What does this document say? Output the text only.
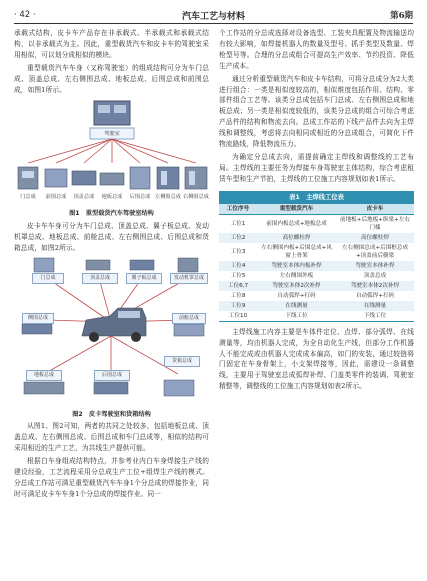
· 42 ·	汽车工艺与材料	第6期

承载式结构，皮卡车产品存在非承载式、半承载式和承载式结构，以非承载式为主。因此，重型载货汽车和皮卡车的驾驶室采用相似，可以划分成相似的模块。

重型载货汽车车身（又称驾驶室）的组成结构可分为车门总成、顶盖总成、左右侧围总成、地板总成、后围总成和前围总成，如图1所示。

驾驶室
门总成	前围总成	顶盖总成	地板总成	后围总成 左侧围总成 右侧围总成
图1　重型载货汽车驾驶室结构

皮卡车车身可分为车门总成、顶盖总成、翼子板总成、发动机罩总成、地板总成、前舱总成、左右侧围总成、后围总成和货箱总成，如图2所示。

门总成	顶盖总成	翼子板总成	发动机罩总成
侧围总成	前舱总成
货箱总成
地板总成	后围总成
图2　皮卡驾驶室和货箱结构

从图1、图2可知，两者的共同之处较多，包括地板总成、顶盖总成、左右侧围总成、后围总成和车门总成等，相似的结构可采用相近的生产工艺，为共线生产提供可能。

根据白车身组成结构特点，并参考业内白车身焊接生产线的建设经验，工艺流程采用分总成生产工位+组焊生产线的模式。分总成工作站可满足重型载货汽车车身1个分总成的焊接作业，同时可满足皮卡车车身1个分总成的焊接作业。同一

个工作站的分总成选择对设备选型、工装夹具配置及物流输送均有较大影响，如焊接机器人的数量及型号、抓手类型及数量、焊枪型号等。合理的分总成组合可提高生产效率、节约投资、降低生产成本。

通过分析重型载货汽车和皮卡车结构，可将分总成分为2大类进行组合：一类是相似度较高的，相似维度包括作用、结构、零部件组合工艺等。该类分总成包括车门总成、左右侧围总成和地板总成；另一类是相似度较低的，该类分总成的组合可综合考虑产品件的结构和物流去向。总成工作站的下线产品件去向为主焊线和调整线，考虑将去向相同或相近的分总成组合，可简化下件物流路线，降低物流压力。

为确定分总成去向，需提前确定主焊线和调整线的工艺布局。主焊线的主要任务为焊接车身驾驶室主体结构，综合考虑租赁车型和生产节拍，主焊线的工位施工内容规划如表1所示。

表1　主焊线工位表
工位序号	重型载货汽车	皮卡车
工位1	前围内板总成+地板总成	前地板+后地板+纵梁+左右门槛
工位2	高位螺柱焊	高位螺柱焊
工位3	左右侧围内板+后围总成+风窗上骨架	左右侧围总成+后围框总成+顶盖前后横梁
工位4	驾驶室本体内板补焊	驾驶室本体补焊
工位5	左右侧围外板	顶盖总成
工位6,7	驾驶室本体2次补焊	驾驶室本体2次补焊
工位8	自动弧焊+打码	自动弧焊+打码
工位9	在线测量	在线测量
工位10	下线工位	下线工位

主焊线施工内容主要是车体件定位、点焊、部分弧焊、在线测量等，均由机器人完成，为全自动化生产线，但部分工作机器人不能完成或由机器人完成成本偏高，如门的安装，通过较链将门固定在车身骨架上，小支架焊接等，因此，需建设一条调整线，主要用于驾驶室总成弧焊补焊、门盖类零件的装调、驾驶室精整等，调整线的工位施工内容规划如表2所示。
